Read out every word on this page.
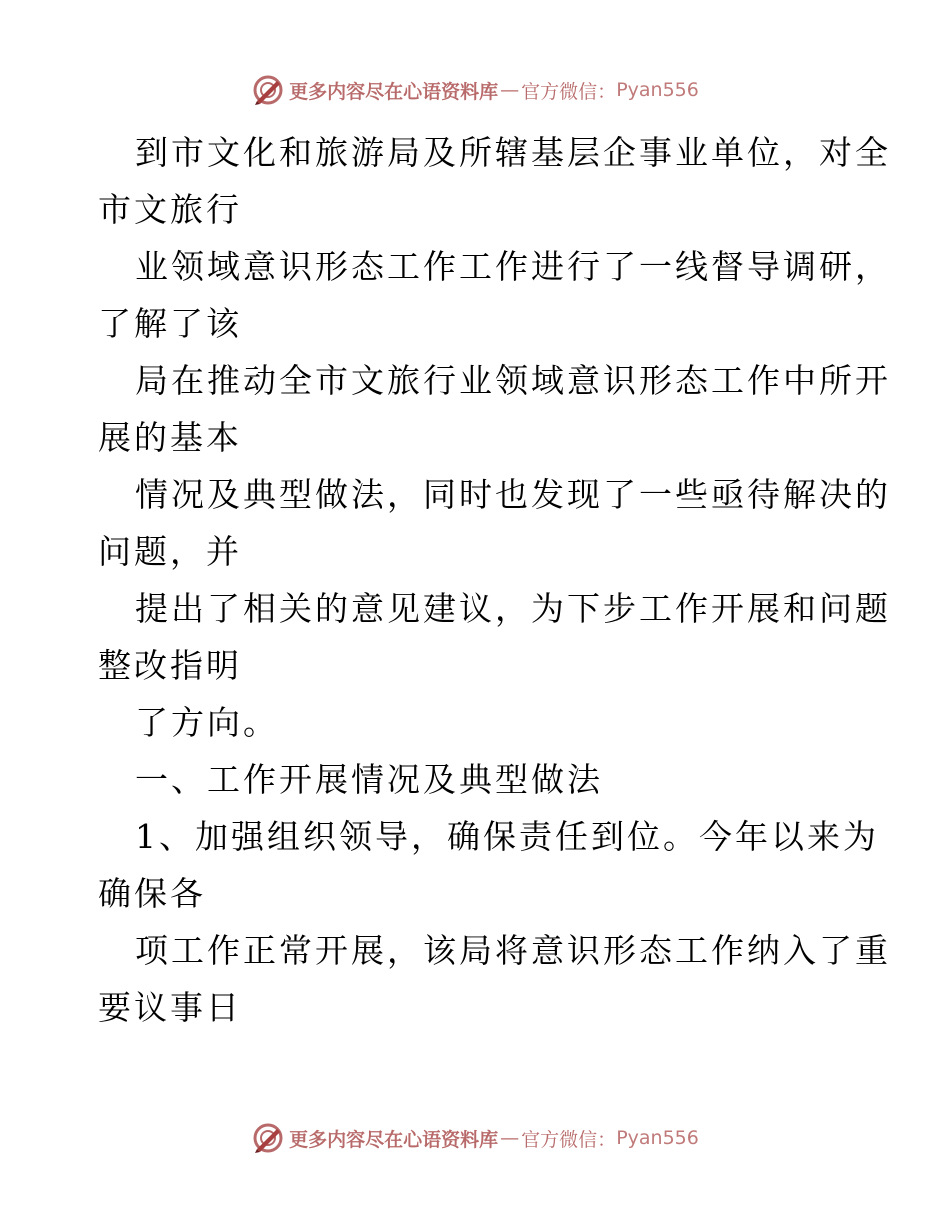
更多内容尽在心语资料库 — 官方微信： Pyan556
到市文化和旅游局及所辖基层企事业单位，对全
市文旅行
业领域意识形态工作工作进行了一线督导调研，
了解了该
局在推动全市文旅行业领域意识形态工作中所开
展的基本
情况及典型做法，同时也发现了一些亟待解决的
问题，并
提出了相关的意见建议，为下步工作开展和问题
整改指明
了方向。
一、工作开展情况及典型做法
1、加强组织领导，确保责任到位。今年以来为
确保各
项工作正常开展，该局将意识形态工作纳入了重
要议事日
更多内容尽在心语资料库 — 官方微信： Pyan556
